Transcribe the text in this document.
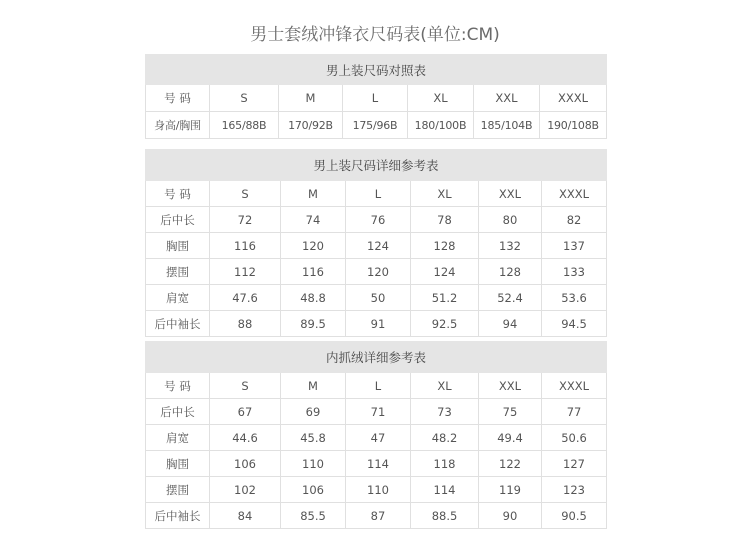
男士套绒冲锋衣尺码表(单位:CM)
男上装尺码对照表						
号 码	S	M	L	XL	XXL	XXXL
身高/胸围	165/88B	170/92B	175/96B	180/100B	185/104B	190/108B
男上装尺码详细参考表						
号 码	S	M	L	XL	XXL	XXXL
后中长	72	74	76	78	80	82
胸围	116	120	124	128	132	137
摆围	112	116	120	124	128	133
肩宽	47.6	48.8	50	51.2	52.4	53.6
后中袖长	88	89.5	91	92.5	94	94.5
内抓绒详细参考表						
号 码	S	M	L	XL	XXL	XXXL
后中长	67	69	71	73	75	77
肩宽	44.6	45.8	47	48.2	49.4	50.6
胸围	106	110	114	118	122	127
摆围	102	106	110	114	119	123
后中袖长	84	85.5	87	88.5	90	90.5
